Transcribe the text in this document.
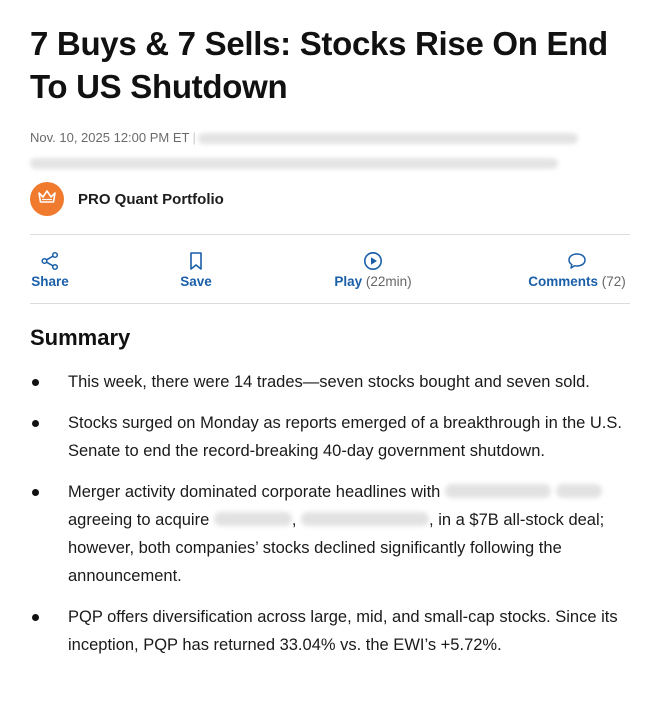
7 Buys & 7 Sells: Stocks Rise On End To US Shutdown
Nov. 10, 2025 12:00 PM ET |
PRO Quant Portfolio
Share	Save	Play (22min)	Comments (72)
Summary
This week, there were 14 trades—seven stocks bought and seven sold.
Stocks surged on Monday as reports emerged of a breakthrough in the U.S. Senate to end the record-breaking 40-day government shutdown.
Merger activity dominated corporate headlines with   agreeing to acquire	,	, in a $7B all-stock deal; however, both companies’ stocks declined significantly following the announcement.
PQP offers diversification across large, mid, and small-cap stocks. Since its inception, PQP has returned 33.04% vs. the EWI’s +5.72%.
